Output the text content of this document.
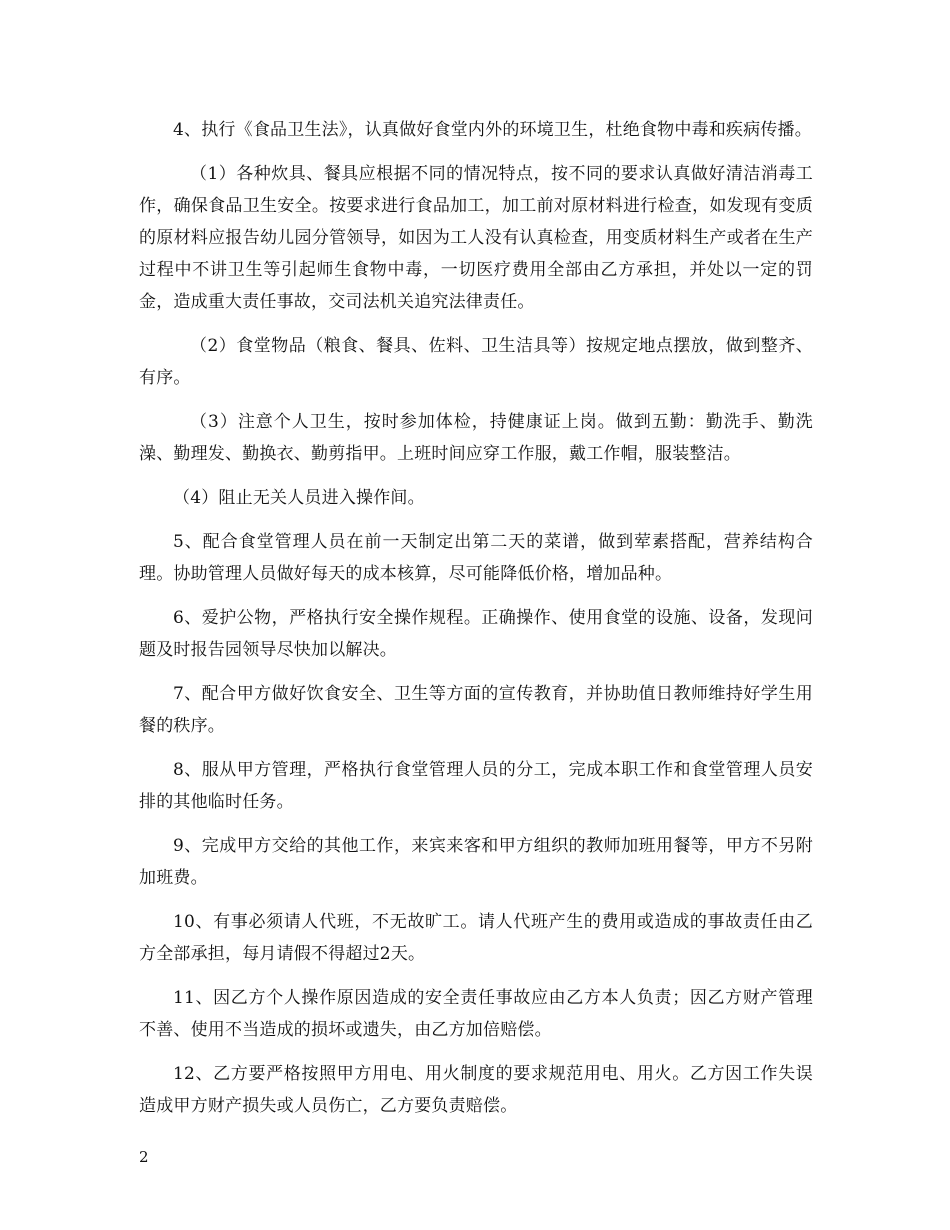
4、执行《食品卫生法》，认真做好食堂内外的环境卫生，杜绝食物中毒和疾病传播。

（1）各种炊具、餐具应根据不同的情况特点，按不同的要求认真做好清洁消毒工作，确保食品卫生安全。按要求进行食品加工，加工前对原材料进行检查，如发现有变质的原材料应报告幼儿园分管领导，如因为工人没有认真检查，用变质材料生产或者在生产过程中不讲卫生等引起师生食物中毒，一切医疗费用全部由乙方承担，并处以一定的罚金，造成重大责任事故，交司法机关追究法律责任。

（2）食堂物品（粮食、餐具、佐料、卫生洁具等）按规定地点摆放，做到整齐、有序。

（3）注意个人卫生，按时参加体检，持健康证上岗。做到五勤：勤洗手、勤洗澡、勤理发、勤换衣、勤剪指甲。上班时间应穿工作服，戴工作帽，服装整洁。

（4）阻止无关人员进入操作间。

5、配合食堂管理人员在前一天制定出第二天的菜谱，做到荤素搭配，营养结构合理。协助管理人员做好每天的成本核算，尽可能降低价格，增加品种。

6、爱护公物，严格执行安全操作规程。正确操作、使用食堂的设施、设备，发现问题及时报告园领导尽快加以解决。

7、配合甲方做好饮食安全、卫生等方面的宣传教育，并协助值日教师维持好学生用餐的秩序。

8、服从甲方管理，严格执行食堂管理人员的分工，完成本职工作和食堂管理人员安排的其他临时任务。

9、完成甲方交给的其他工作，来宾来客和甲方组织的教师加班用餐等，甲方不另附加班费。

10、有事必须请人代班，不无故旷工。请人代班产生的费用或造成的事故责任由乙方全部承担，每月请假不得超过2天。

11、因乙方个人操作原因造成的安全责任事故应由乙方本人负责；因乙方财产管理不善、使用不当造成的损坏或遗失，由乙方加倍赔偿。

12、乙方要严格按照甲方用电、用火制度的要求规范用电、用火。乙方因工作失误造成甲方财产损失或人员伤亡，乙方要负责赔偿。

2
